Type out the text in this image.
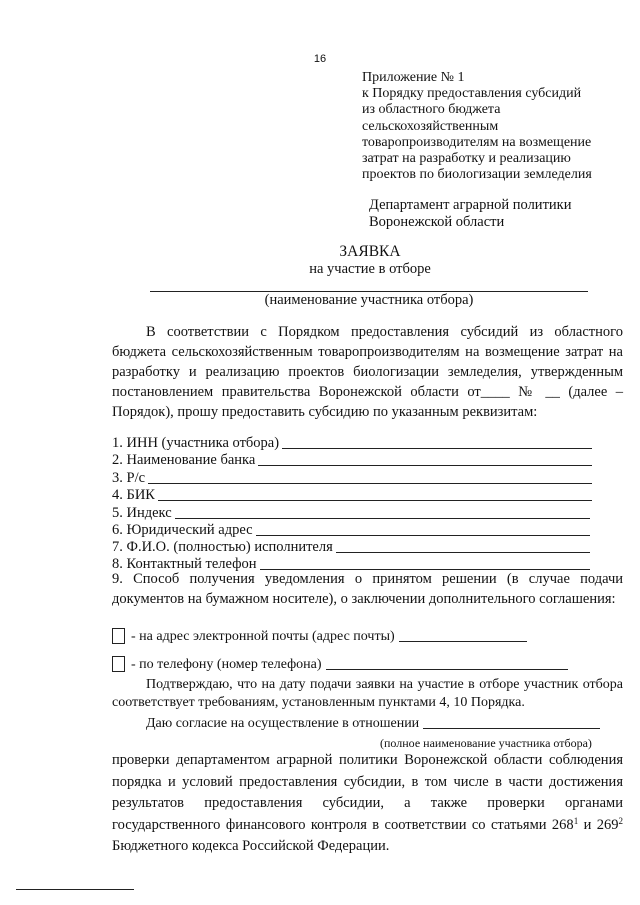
16
Приложение № 1
к Порядку предоставления субсидий
из областного бюджета
сельскохозяйственным
товаропроизводителям на возмещение
затрат на разработку и реализацию
проектов по биологизации земледелия
Департамент аграрной политики
Воронежской области
ЗАЯВКА
на участие в отборе
(наименование участника отбора)
В соответствии с Порядком предоставления субсидий из областного бюджета сельскохозяйственным товаропроизводителям на возмещение затрат на разработку и реализацию проектов биологизации земледелия, утвержденным постановлением правительства Воронежской области от____ № __ (далее – Порядок), прошу предоставить субсидию по указанным реквизитам:
1. ИНН (участника отбора)
2. Наименование банка
3. Р/с
4. БИК
5. Индекс
6. Юридический адрес
7. Ф.И.О. (полностью) исполнителя
8. Контактный телефон
9. Способ получения уведомления о принятом решении (в случае подачи документов на бумажном носителе), о заключении дополнительного соглашения:
- на адрес электронной почты (адрес почты)
- по телефону (номер телефона)
Подтверждаю, что на дату подачи заявки на участие в отборе участник отбора соответствует требованиям, установленным пунктами 4, 10 Порядка.
Даю согласие на осуществление в отношении
(полное наименование участника отбора)
проверки департаментом аграрной политики Воронежской области соблюдения порядка и условий предоставления субсидии, в том числе в части достижения результатов предоставления субсидии, а также проверки органами государственного финансового контроля в соответствии со статьями $268^1$ и $269^2$ Бюджетного кодекса Российской Федерации.
